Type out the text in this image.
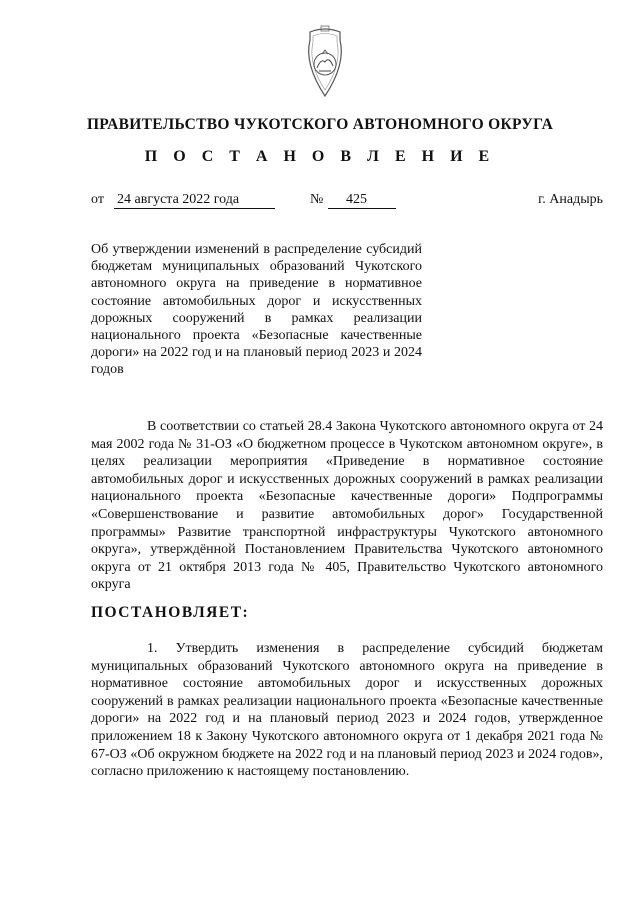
ПРАВИТЕЛЬСТВО ЧУКОТСКОГО АВТОНОМНОГО ОКРУГА
П О С Т А Н О В Л Е Н И Е
от 24 августа 2022 года	№	425	г. Анадырь
Об утверждении изменений в распределение субсидий бюджетам муниципальных образований Чукотского автономного округа на приведение в нормативное состояние автомобильных дорог и искусственных дорожных сооружений в рамках реализации национального проекта «Безопасные качественные дороги» на 2022 год и на плановый период 2023 и 2024 годов

В соответствии со статьей 28.4 Закона Чукотского автономного округа от 24 мая 2002 года № 31-ОЗ «О бюджетном процессе в Чукотском автономном округе», в целях реализации мероприятия «Приведение в нормативное состояние автомобильных дорог и искусственных дорожных сооружений в рамках реализации национального проекта «Безопасные качественные дороги» Подпрограммы «Совершенствование и развитие автомобильных дорог» Государственной программы» Развитие транспортной инфраструктуры Чукотского автономного округа», утверждённой Постановлением Правительства Чукотского автономного округа от 21 октября 2013 года № 405, Правительство Чукотского автономного округа

ПОСТАНОВЛЯЕТ:

1. Утвердить изменения в распределение субсидий бюджетам муниципальных образований Чукотского автономного округа на приведение в нормативное состояние автомобильных дорог и искусственных дорожных сооружений в рамках реализации национального проекта «Безопасные качественные дороги» на 2022 год и на плановый период 2023 и 2024 годов, утвержденное приложением 18 к Закону Чукотского автономного округа от 1 декабря 2021 года № 67-ОЗ «Об окружном бюджете на 2022 год и на плановый период 2023 и 2024 годов», согласно приложению к настоящему постановлению.
